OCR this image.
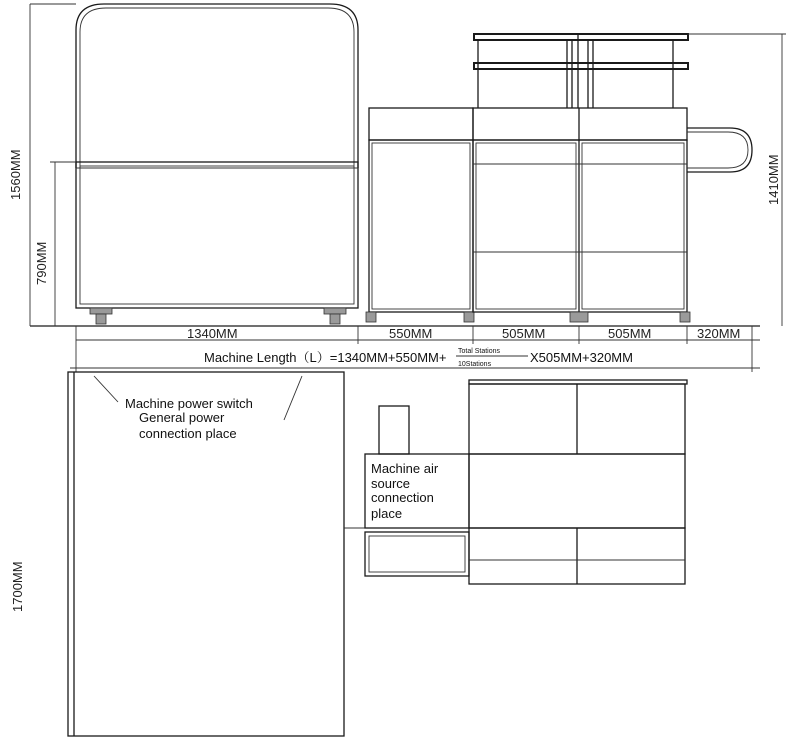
1560MM
790MM
1410MM
1700MM
1340MM	550MM	505MM	505MM	320MM
Machine Length（L）=1340MM+550MM+ Total Stations
10Stations	X505MM+320MM
Machine power switch
General power
connection place
Machine air
source
connection
place
